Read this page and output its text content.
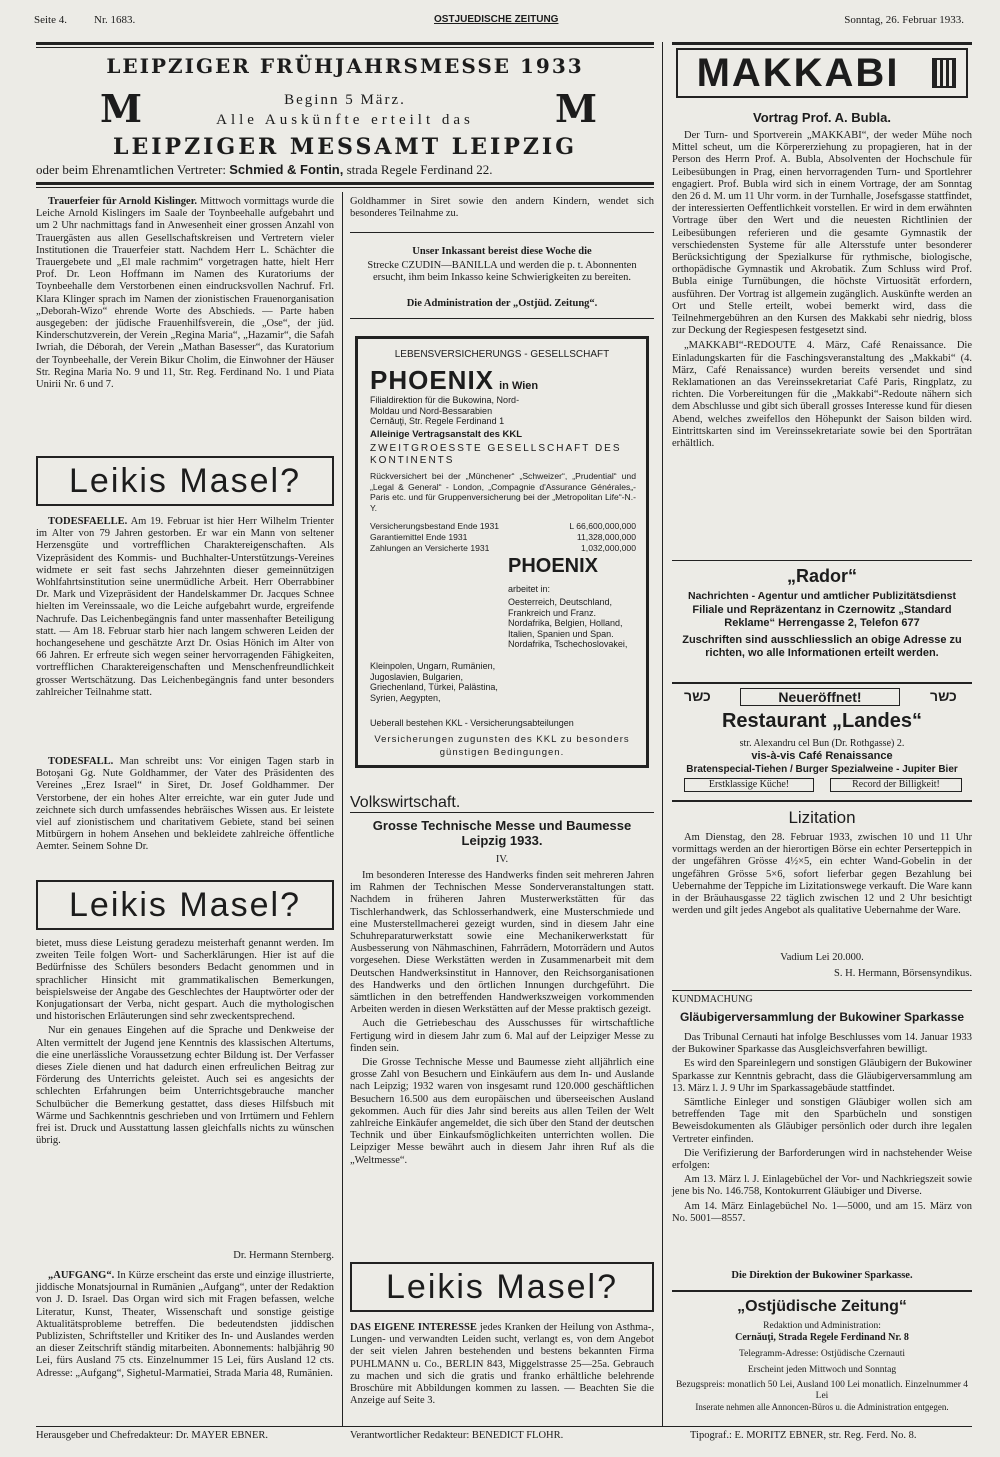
Seite 4. Nr. 1683.	OSTJUEDISCHE ZEITUNG	Sonntag, 26. Februar 1933.
LEIPZIGER FRÜHJAHRSMESSE 1933
M	M
Beginn 5 März.
Alle Auskünfte erteilt das
LEIPZIGER MESSAMT LEIPZIG
oder beim Ehrenamtlichen Vertreter: Schmied & Fontin, strada Regele Ferdinand 22.
MAKKABI
Vortrag Prof. A. Bubla.

Der Turn- und Sportverein „MAKKABI“, der weder Mühe noch Mittel scheut, um die Körpererziehung zu propagieren, hat in der Person des Herrn Prof. A. Bubla, Absolventen der Hochschule für Leibesübungen in Prag, einen hervorragenden Turn- und Sportlehrer engagiert. Prof. Bubla wird sich in einem Vortrage, der am Sonntag den 26 d. M. um 11 Uhr vorm. in der Turnhalle, Josefsgasse stattfindet, der interessierten Oeffentlichkeit vorstellen. Er wird in dem erwähnten Vortrage über den Wert und die neuesten Richtlinien der Leibesübungen referieren und die gesamte Gymnastik der verschiedensten Systeme für alle Altersstufe unter besonderer Berücksichtigung der Spezialkurse für rythmische, biologische, orthopädische Gymnastik und Akrobatik. Zum Schluss wird Prof. Bubla einige Turnübungen, die höchste Virtuosität erfordern, ausführen. Der Vortrag ist allgemein zugänglich. Auskünfte werden an Ort und Stelle erteilt, wobei bemerkt wird, dass die Teilnehmergebühren an den Kursen des Makkabi sehr niedrig, bloss zur Deckung der Regiespesen festgesetzt sind.

„MAKKABI“-REDOUTE 4. März, Café Renaissance. Die Einladungskarten für die Faschingsveranstaltung des „Makkabi“ (4. März, Café Renaissance) wurden bereits versendet und sind Reklamationen an das Vereinssekretariat Café Paris, Ringplatz, zu richten. Die Vorbereitungen für die „Makkabi“-Redoute nähern sich dem Abschlusse und gibt sich überall grosses Interesse kund für diesen Abend, welches zweifellos den Höhepunkt der Saison bilden wird. Eintrittskarten sind im Vereinssekretariate sowie bei den Sporträtan erhältlich.

Trauerfeier für Arnold Kislinger. Mittwoch vormittags wurde die Leiche Arnold Kislingers im Saale der Toynbeehalle aufgebahrt und um 2 Uhr nachmittags fand in Anwesenheit einer grossen Anzahl von Trauergästen aus allen Gesellschaftskreisen und Vertretern vieler Institutionen die Trauerfeier statt. Nachdem Herr L. Schächter die Trauergebete und „El male rachmim“ vorgetragen hatte, hielt Herr Prof. Dr. Leon Hoffmann im Namen des Kuratoriums der Toynbeehalle dem Verstorbenen einen eindrucksvollen Nachruf. Frl. Klara Klinger sprach im Namen der zionistischen Frauenorganisation „Deborah-Wizo“ ehrende Worte des Abschieds. — Parte haben ausgegeben: der jüdische Frauenhilfsverein, die „Ose“, der jüd. Kinderschutzverein, der Verein „Regina Maria“, „Hazamir“, die Safah Iwriah, die Déborah, der Verein „Mathan Basesser“, das Kuratorium der Toynbeehalle, der Verein Bikur Cholim, die Einwohner der Häuser Str. Regina Maria No. 9 und 11, Str. Reg. Ferdinand No. 1 und Piata Unirii Nr. 6 und 7.

Leikis Masel?

TODESFAELLE. Am 19. Februar ist hier Herr Wilhelm Trienter im Alter von 79 Jahren gestorben. Er war ein Mann von seltener Herzensgüte und vortrefflichen Charaktereigenschaften. Als Vizepräsident des Kommis- und Buchhalter-Unterstützungs-Vereines widmete er seit fast sechs Jahrzehnten dieser gemeinnützigen Wohlfahrtsinstitution seine unermüdliche Arbeit. Herr Oberrabbiner Dr. Mark und Vizepräsident der Handelskammer Dr. Jacques Schnee hielten im Vereinssaale, wo die Leiche aufgebahrt wurde, ergreifende Nachrufe. Das Leichenbegängnis fand unter massenhafter Beteiligung statt. — Am 18. Februar starb hier nach langem schweren Leiden der hochangesehene und geschätzte Arzt Dr. Osias Hönich im Alter von 66 Jahren. Er erfreute sich wegen seiner hervorragenden Fähigkeiten, vortrefflichen Charaktereigenschaften und Menschenfreundlichkeit grosser Wertschätzung. Das Leichenbegängnis fand unter besonders zahlreicher Teilnahme statt.

TODESFALL. Man schreibt uns: Vor einigen Tagen starb in Botoşani Gg. Nute Goldhammer, der Vater des Präsidenten des Vereines „Erez Israel“ in Siret, Dr. Josef Goldhammer. Der Verstorbene, der ein hohes Alter erreichte, war ein guter Jude und zeichnete sich durch umfassendes hebräisches Wissen aus. Er leistete viel auf zionistischem und charitativem Gebiete, stand bei seinen Mitbürgern in hohem Ansehen und bekleidete zahlreiche öffentliche Aemter. Seinem Sohne Dr.

Leikis Masel?

bietet, muss diese Leistung geradezu meisterhaft genannt werden. Im zweiten Teile folgen Wort- und Sacherklärungen. Hier ist auf die Bedürfnisse des Schülers besonders Bedacht genommen und in sprachlicher Hinsicht mit grammatikalischen Bemerkungen, beispielsweise der Angabe des Geschlechtes der Hauptwörter oder der Konjugationsart der Verba, nicht gespart. Auch die mythologischen und historischen Erläuterungen sind sehr zweckentsprechend.

Nur ein genaues Eingehen auf die Sprache und Denkweise der Alten vermittelt der Jugend jene Kenntnis des klassischen Altertums, die eine unerlässliche Voraussetzung echter Bildung ist. Der Verfasser dieses Ziele dienen und hat dadurch einen erfreulichen Beitrag zur Förderung des Unterrichts geleistet. Auch sei es angesichts der schlechten Erfahrungen beim Unterrichtsgebrauche mancher Schulbücher die Bemerkung gestattet, dass dieses Hilfsbuch mit Wärme und Sachkenntnis geschrieben und von Irrtümern und Fehlern frei ist. Druck und Ausstattung lassen gleichfalls nichts zu wünschen übrig.

Dr. Hermann Sternberg.

„AUFGANG“. In Kürze erscheint das erste und einzige illustrierte, jiddische Monatsjournal in Rumänien „Aufgang“, unter der Redaktion von J. D. Israel. Das Organ wird sich mit Fragen befassen, welche Literatur, Kunst, Theater, Wissenschaft und sonstige geistige Aktualitätsprobleme betreffen. Die bedeutendsten jiddischen Publizisten, Schriftsteller und Kritiker des In- und Auslandes werden an dieser Zeitschrift ständig mitarbeiten. Abonnements: halbjährig 90 Lei, fürs Ausland 75 cts. Einzelnummer 15 Lei, fürs Ausland 12 cts. Adresse: „Aufgang“, Sighetul-Marmatiei, Strada Maria 48, Rumänien.

Goldhammer in Siret sowie den andern Kindern, wendet sich besonderes Teilnahme zu.

Unser Inkassant bereist diese Woche die
Strecke CZUDIN—BANILLA und werden die p. t. Abonnenten ersucht, ihm beim Inkasso keine Schwierigkeiten zu bereiten.
Die Administration der „Ostjüd. Zeitung“.
LEBENSVERSICHERUNGS - GESELLSCHAFT
PHOENIX in Wien
Filialdirektion für die Bukowina, Nord-Moldau und Nord-Bessarabien Cernăuţi, Str. Regele Ferdinand 1
Alleinige Vertragsanstalt des KKL
ZWEITGROESSTE GESELLSCHAFT DES KONTINENTS
Rückversichert bei der „Münchener“ „Schweizer“, „Prudential“ und „Legal & General“ - London, „Compagnie d'Assurance Générales„-Paris etc. und für Gruppenversicherung bei der „Metropolitan Life“-N.-Y.
Versicherungsbestand Ende 1931	L 66,600,000,000
Garantiemittel Ende 1931	11,328,000,000
Zahlungen an Versicherte 1931	1,032,000,000
PHOENIX
arbeitet in:
Oesterreich, Deutschland, Frankreich und Franz. Nordafrika, Belgien, Holland, Italien, Spanien und Span. Nordafrika, Tschechoslovakei,
Kleinpolen, Ungarn, Rumänien, Jugoslavien, Bulgarien, Griechenland, Türkei, Palästina, Syrien, Aegypten,
Ueberall bestehen KKL - Versicherungsabteilungen
Versicherungen zugunsten des KKL zu besonders günstigen Bedingungen.
Volkswirtschaft.
Grosse Technische Messe und Baumesse Leipzig 1933.
IV.

Im besonderen Interesse des Handwerks finden seit mehreren Jahren im Rahmen der Technischen Messe Sonderveranstaltungen statt. Nachdem in früheren Jahren Musterwerkstätten für das Tischlerhandwerk, das Schlosserhandwerk, eine Musterschmiede und eine Musterstellmacherei gezeigt wurden, sind in diesem Jahr eine Schuhreparaturwerkstatt sowie eine Mechanikerwerkstatt für Ausbesserung von Nähmaschinen, Fahrrädern, Motorrädern und Autos vorgesehen. Diese Werkstätten werden in Zusammenarbeit mit dem Deutschen Handwerksinstitut in Hannover, den Reichsorganisationen des Handwerks und den örtlichen Innungen durchgeführt. Die sämtlichen in den betreffenden Handwerkszweigen vorkommenden Arbeiten werden in diesen Werkstätten auf der Messe praktisch gezeigt.

Auch die Getriebeschau des Ausschusses für wirtschaftliche Fertigung wird in diesem Jahr zum 6. Mal auf der Leipziger Messe zu finden sein.

Die Grosse Technische Messe und Baumesse zieht alljährlich eine grosse Zahl von Besuchern und Einkäufern aus dem In- und Auslande nach Leipzig; 1932 waren von insgesamt rund 120.000 geschäftlichen Besuchern 16.500 aus dem europäischen und überseeischen Ausland gekommen. Auch für dies Jahr sind bereits aus allen Teilen der Welt zahlreiche Einkäufer angemeldet, die sich über den Stand der deutschen Technik und über Einkaufsmöglichkeiten unterrichten wollen. Die Leipziger Messe bewährt auch in diesem Jahr ihren Ruf als die „Weltmesse“.

Leikis Masel?

DAS EIGENE INTERESSE jedes Kranken der Heilung von Asthma-, Lungen- und verwandten Leiden sucht, verlangt es, von dem Angebot der seit vielen Jahren bestehenden und bestens bekannten Firma PUHLMANN u. Co., BERLIN 843, Miggelstrasse 25—25a. Gebrauch zu machen und sich die gratis und franko erhältliche belehrende Broschüre mit Abbildungen kommen zu lassen. — Beachten Sie die Anzeige auf Seite 3.

„Rador“
Nachrichten - Agentur und amtlicher Publizitätsdienst
Filiale und Repräzentanz in Czernowitz „Standard Reklame“ Herrengasse 2, Telefon 677
Zuschriften sind ausschliesslich an obige Adresse zu richten, wo alle Informationen erteilt werden.
כשר	Neueröffnet!	כשר
Restaurant „Landes“
str. Alexandru cel Bun (Dr. Rothgasse) 2.
vis-à-vis Café Renaissance
Bratenspecial-Tiehen / Burger Spezialweine - Jupiter Bier
Erstklassige Küche!	Record der Billigkeit!
Lizitation

Am Dienstag, den 28. Februar 1933, zwischen 10 und 11 Uhr vormittags werden an der hierortigen Börse ein echter Perserteppich in der ungefähren Grösse 4½×5, ein echter Wand-Gobelin in der ungefähren Grösse 5×6, sofort lieferbar gegen Bezahlung bei Uebernahme der Teppiche im Lizitationswege verkauft. Die Ware kann in der Bräuhausgasse 22 täglich zwischen 12 und 2 Uhr besichtigt werden und gilt jedes Angebot als qualitative Uebernahme der Ware.

Vadium Lei 20.000.
S. H. Hermann, Börsensyndikus.
KUNDMACHUNG
Gläubigerversammlung der Bukowiner Sparkasse

Das Tribunal Cernauti hat infolge Beschlusses vom 14. Januar 1933 der Bukowiner Sparkasse das Ausgleichsverfahren bewilligt.

Es wird den Spareinlegern und sonstigen Gläubigern der Bukowiner Sparkasse zur Kenntnis gebracht, dass die Gläubigerversammlung am 13. März l. J. 9 Uhr im Sparkassagebäude stattfindet.

Sämtliche Einleger und sonstigen Gläubiger wollen sich am betreffenden Tage mit den Sparbücheln und sonstigen Beweisdokumenten als Gläubiger persönlich oder durch ihre legalen Vertreter einfinden.

Die Verifizierung der Barforderungen wird in nachstehender Weise erfolgen:

Am 13. März l. J. Einlagebüchel der Vor- und Nachkriegszeit sowie jene bis No. 146.758, Kontokurrent Gläubiger und Diverse.

Am 14. März Einlagebüchel No. 1—5000, und am 15. März von No. 5001—8557.

Die Direktion der Bukowiner Sparkasse.
„Ostjüdische Zeitung“
Redaktion und Administration:
Cernăuţi, Strada Regele Ferdinand Nr. 8
Telegramm-Adresse: Ostjüdische Czernauti
Erscheint jeden Mittwoch und Sonntag
Bezugspreis: monatlich 50 Lei, Ausland 100 Lei monatlich. Einzelnummer 4 Lei
Inserate nehmen alle Annoncen-Büros u. die Administration entgegen.
Herausgeber und Chefredakteur: Dr. MAYER EBNER.	Verantwortlicher Redakteur: BENEDICT FLOHR.	Tipograf.: E. MORITZ EBNER, str. Reg. Ferd. No. 8.
